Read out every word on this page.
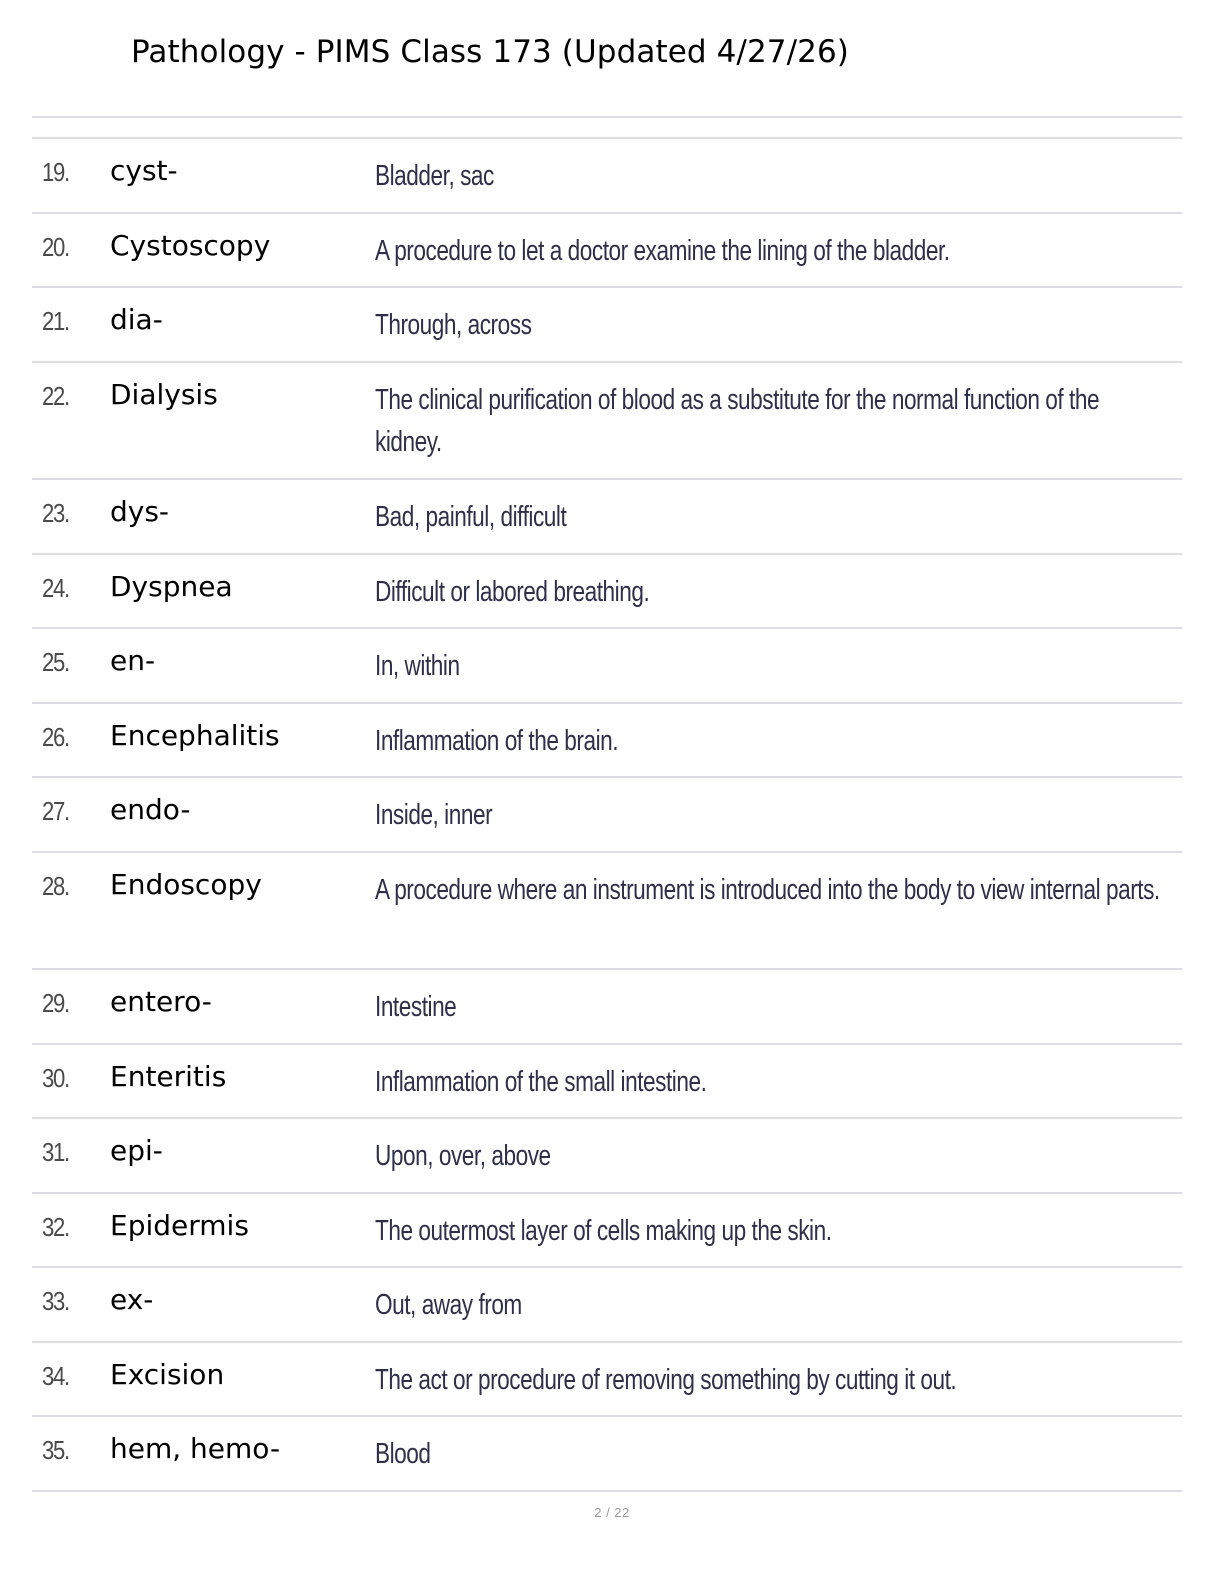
Pathology - PIMS Class 173 (Updated 4/27/26)
19. cyst-	Bladder, sac
20. Cystoscopy	A procedure to let a doctor examine the lining of the bladder.
21. dia-	Through, across
22. Dialysis	The clinical purification of blood as a substitute for the normal function of the kidney.
23. dys-	Bad, painful, difficult
24. Dyspnea	Difficult or labored breathing.
25. en-	In, within
26. Encephalitis	Inflammation of the brain.
27. endo-	Inside, inner
28. Endoscopy	A procedure where an instrument is introduced into the body to view internal parts.
29. entero-	Intestine
30. Enteritis	Inflammation of the small intestine.
31. epi-	Upon, over, above
32. Epidermis	The outermost layer of cells making up the skin.
33. ex-	Out, away from
34. Excision	The act or procedure of removing something by cutting it out.
35. hem, hemo-	Blood
2 / 22
